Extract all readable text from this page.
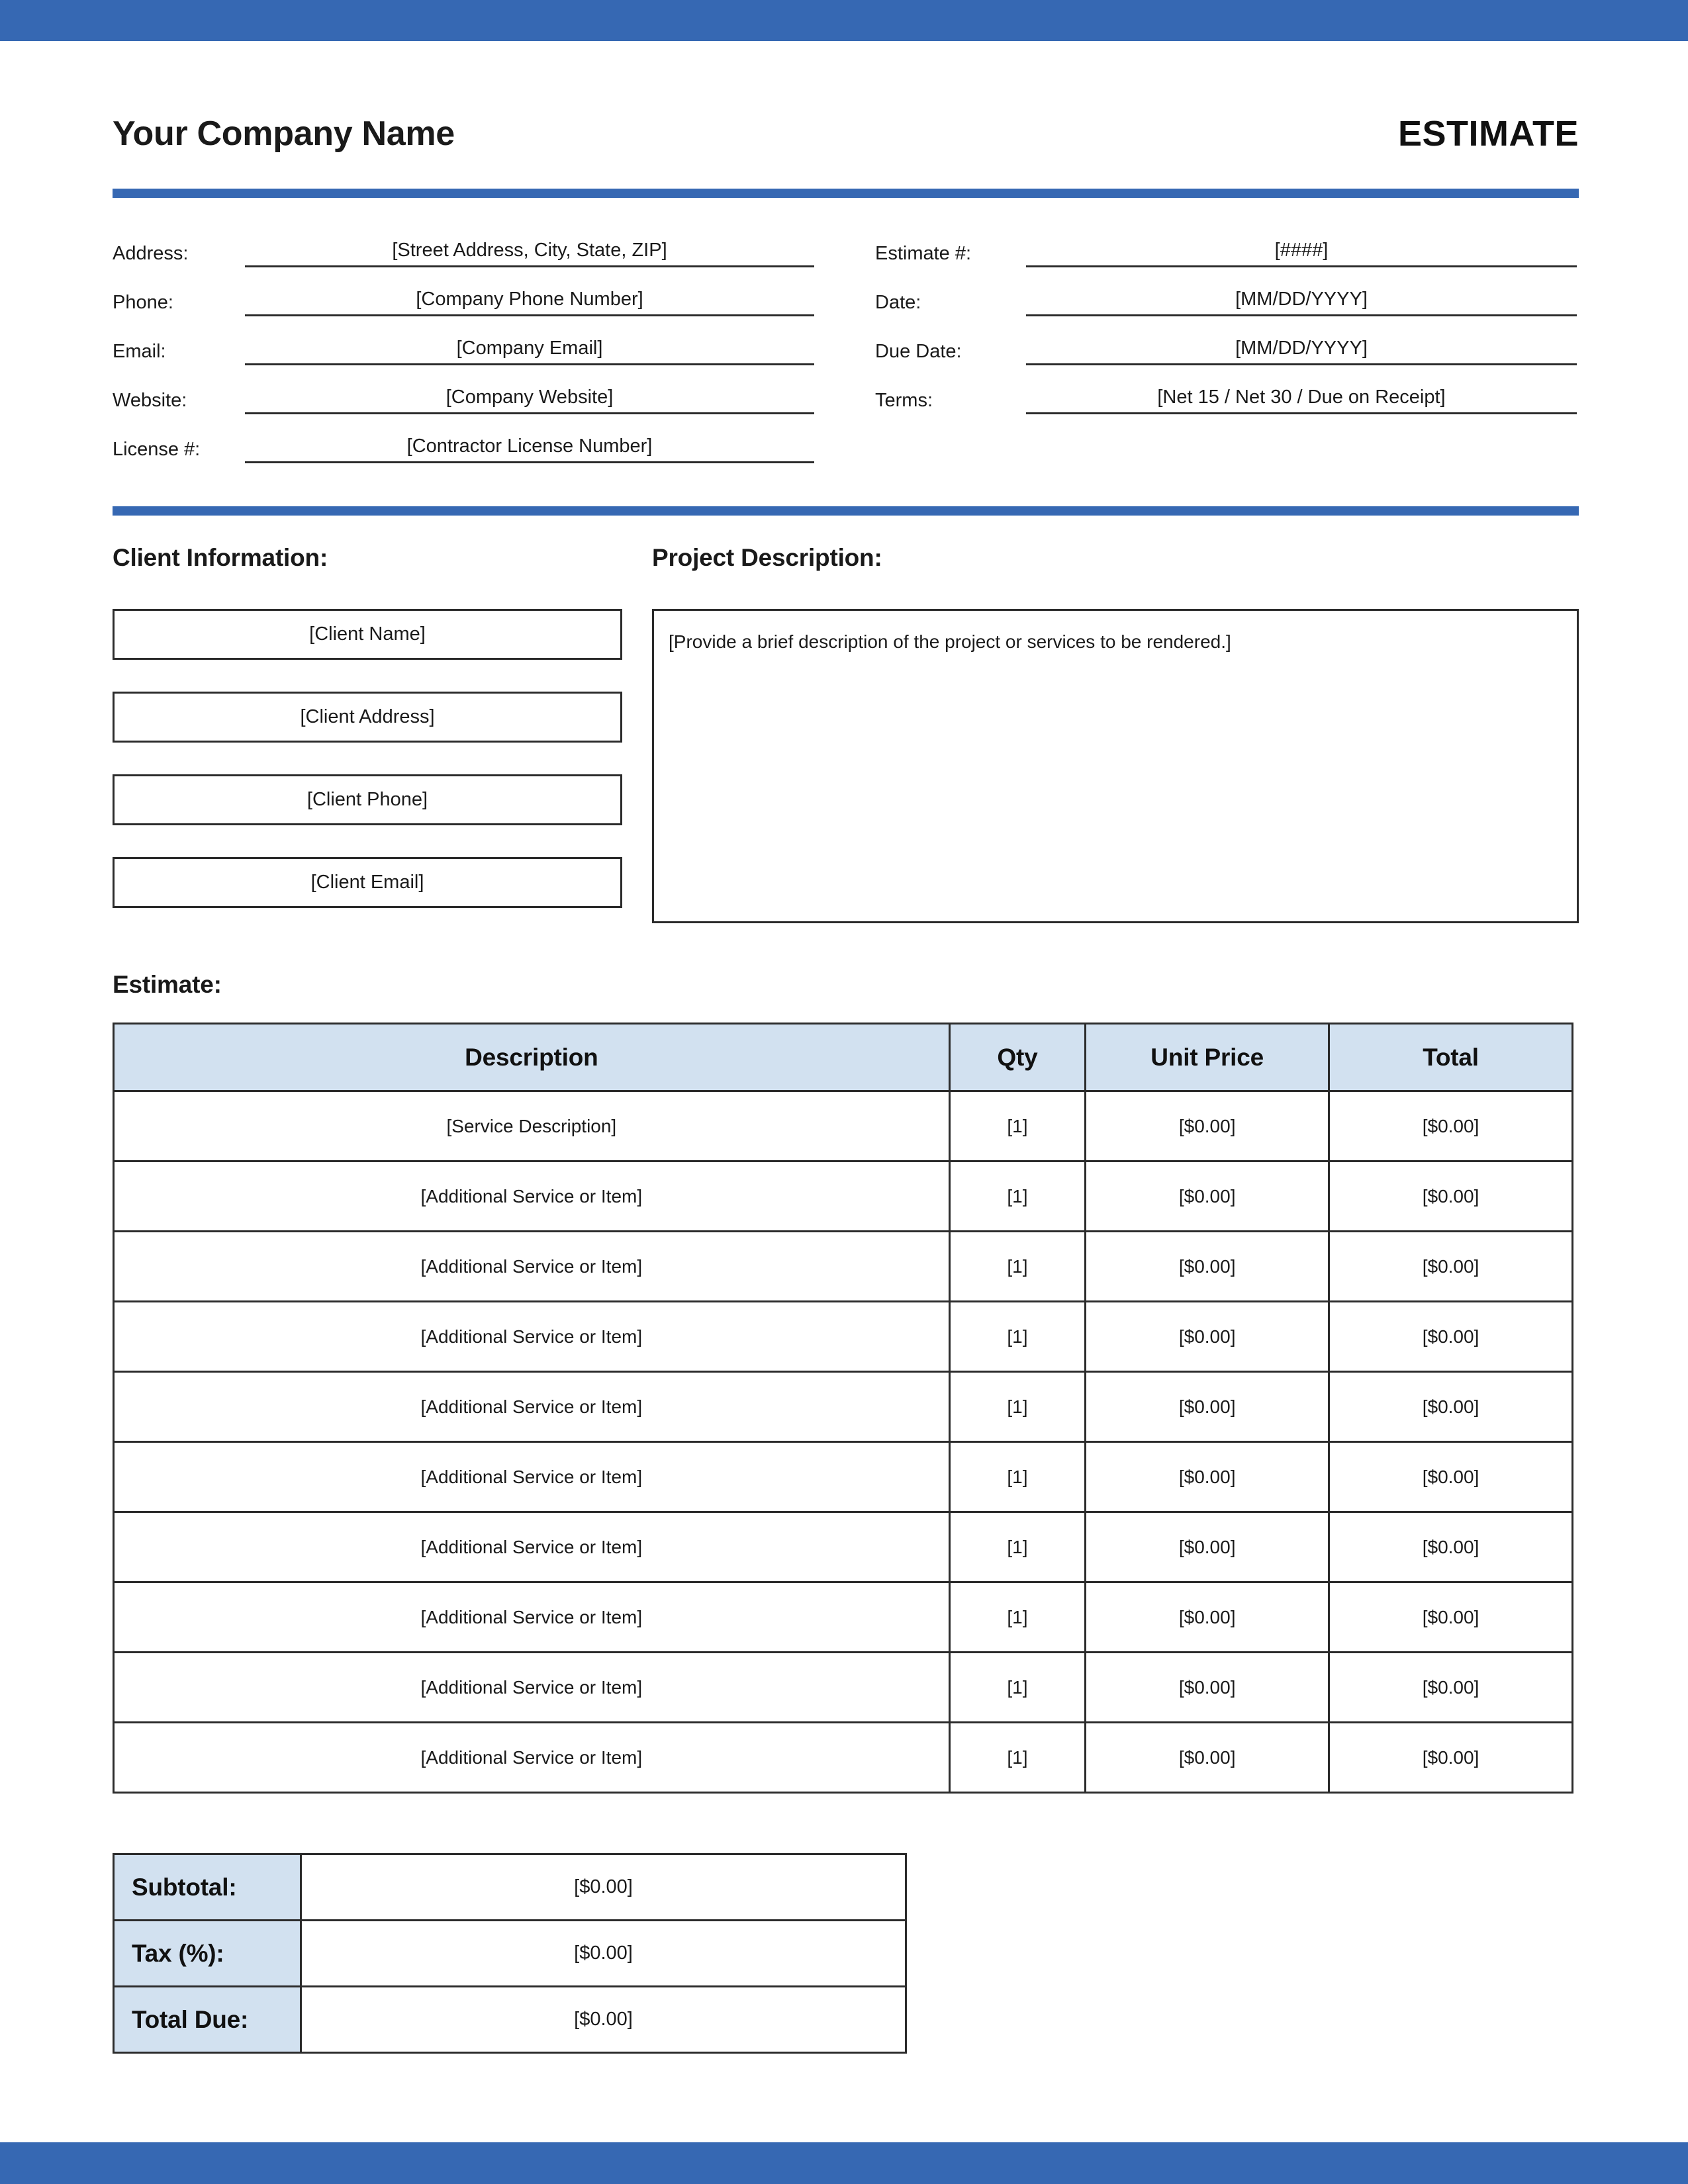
Your Company Name	ESTIMATE
Address:	[Street Address, City, State, ZIP]
Phone:	[Company Phone Number]
Email:	[Company Email]
Website:	[Company Website]
License #:	[Contractor License Number]
Estimate #:	[####]
Date:	[MM/DD/YYYY]
Due Date:	[MM/DD/YYYY]
Terms:	[Net 15 / Net 30 / Due on Receipt]
Client Information:
[Client Name]
[Client Address]
[Client Phone]
[Client Email]
Project Description:
[Provide a brief description of the project or services to be rendered.]
Estimate:
Description	Qty	Unit Price	Total
[Service Description]	[1]	[$0.00]	[$0.00]
[Additional Service or Item]	[1]	[$0.00]	[$0.00]
[Additional Service or Item]	[1]	[$0.00]	[$0.00]
[Additional Service or Item]	[1]	[$0.00]	[$0.00]
[Additional Service or Item]	[1]	[$0.00]	[$0.00]
[Additional Service or Item]	[1]	[$0.00]	[$0.00]
[Additional Service or Item]	[1]	[$0.00]	[$0.00]
[Additional Service or Item]	[1]	[$0.00]	[$0.00]
[Additional Service or Item]	[1]	[$0.00]	[$0.00]
[Additional Service or Item]	[1]	[$0.00]	[$0.00]
Subtotal:	[$0.00]
Tax (%):	[$0.00]
Total Due:	[$0.00]
